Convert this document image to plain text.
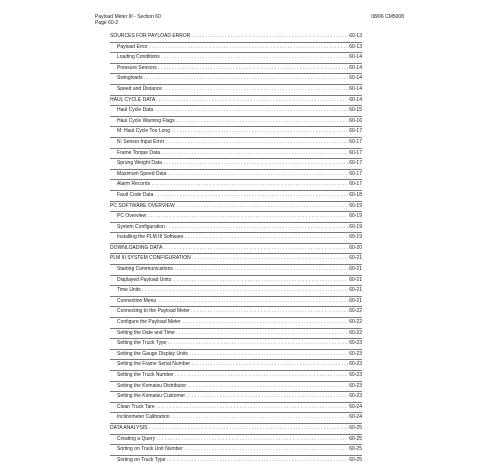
Payload Meter III - Section 60
Page 60-2
08/06 CM5008
SOURCES FOR PAYLOAD ERROR . . .	60-13
Payload Error . . .	60-13
Loading Conditions . . .	60-14
Pressure Sensors . . .	60-14
Swingloads . . .	60-14
Speed and Distance . . .	60-14
HAUL CYCLE DATA . . .	60-14
Haul Cycle Data . . .	60-15
Haul Cycle Warning Flags . . .	60-16
M: Haul Cycle Too Long . . .	60-17
N: Sensor Input Error . . .	60-17
Frame Torque Data . . .	60-17
Sprung Weight Data . . .	60-17
Maximum Speed Data . . .	60-17
Alarm Records . . .	60-17
Fault Code Data . . .	60-18
PC SOFTWARE OVERVIEW . . .	60-19
PC Overview . . .	60-19
System Configuration . . .	60-19
Installing the PLM III Software . . .	60-19
DOWNLOADING DATA . . .	60-20
PLM III SYSTEM CONFIGURATION . . .	60-21
Starting Communications . . .	60-21
Displayed Payload Units . . .	60-21
Time Units . . .	60-21
Connection Menu . . .	60-21
Connecting to the Payload Meter . . .	60-22
Configure the Payload Meter . . .	60-22
Setting the Date and Time . . .	60-22
Setting the Truck Type . . .	60-23
Setting the Gauge Display Units . . .	60-23
Setting the Frame Serial Number . . .	60-23
Setting the Truck Number . . .	60-23
Setting the Komatsu Distributor . . .	60-23
Setting the Komatsu Customer . . .	60-23
Clean Truck Tare . . .	60-24
Inclinometer Calibration . . .	60-24
DATA ANALYSIS . . .	60-25
Creating a Query . . .	60-25
Sorting on Truck Unit Number . . .	60-25
Sorting on Truck Type . . .	60-25
